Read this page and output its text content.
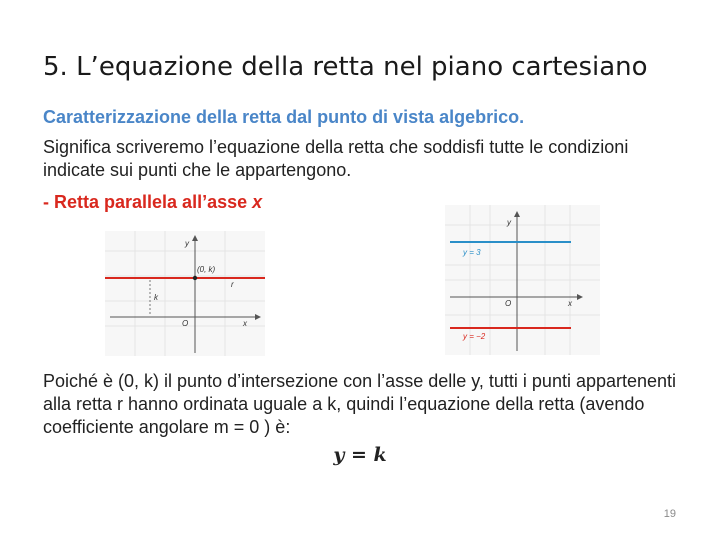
5. L’equazione della retta nel piano cartesiano
Caratterizzazione della retta dal punto di vista algebrico.
Significa scriveremo l’equazione della retta che soddisfi tutte le condizioni indicate sui punti che le appartengono.
- Retta parallela all’asse x
y
x
O
(0, k)
r
k
y
x
O
y = 3
y = −2
Poiché è (0, k) il punto d’intersezione con l’asse delle y, tutti i punti appartenenti alla retta r hanno ordinata uguale a k, quindi l’equazione della retta (avendo coefficiente angolare m = 0 ) è:
y = k
19
